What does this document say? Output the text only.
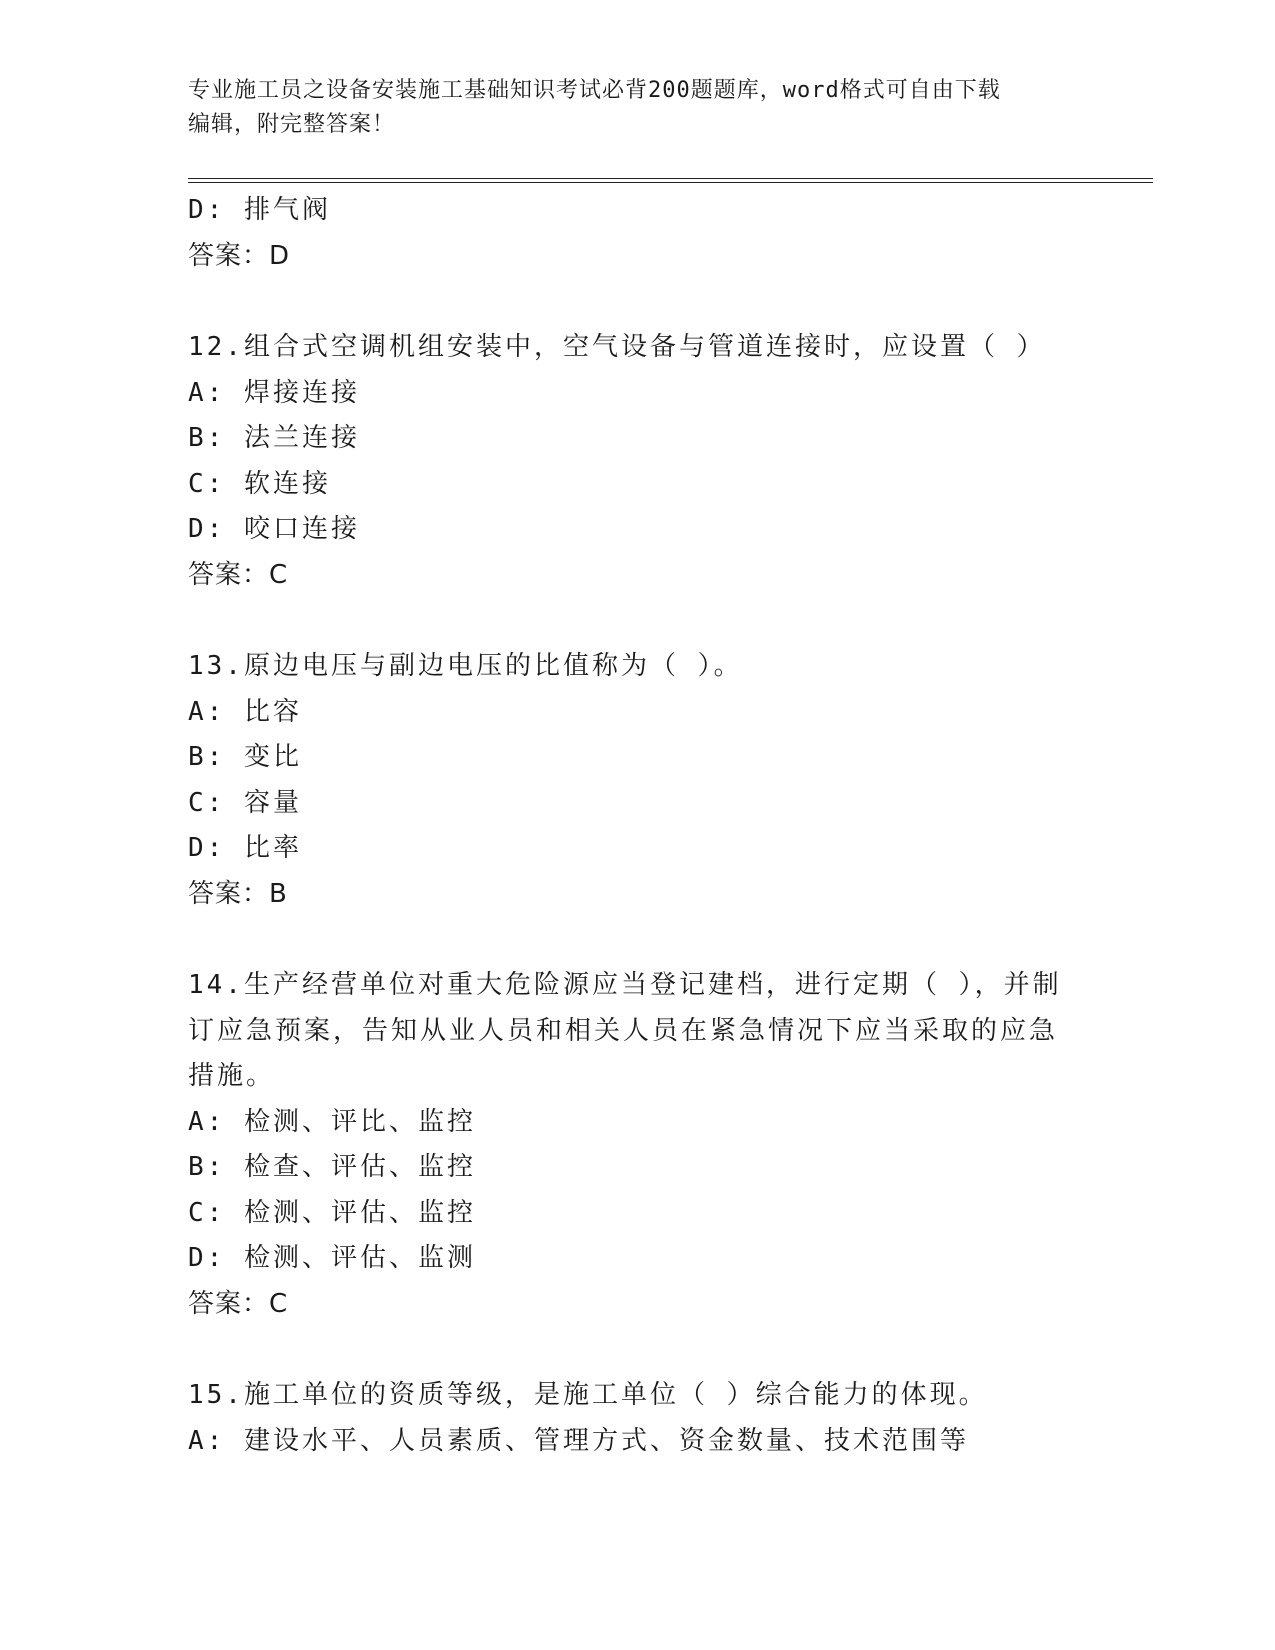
专业施工员之设备安装施工基础知识考试必背200题题库，word格式可自由下载
编辑，附完整答案！
D: 排气阀
答案：D
12.组合式空调机组安装中，空气设备与管道连接时，应设置（ ）
A: 焊接连接
B: 法兰连接
C: 软连接
D: 咬口连接
答案：C
13.原边电压与副边电压的比值称为（ ）。
A: 比容
B: 变比
C: 容量
D: 比率
答案：B
14.生产经营单位对重大危险源应当登记建档，进行定期（ ），并制
订应急预案，告知从业人员和相关人员在紧急情况下应当采取的应急
措施。
A: 检测、评比、监控
B: 检查、评估、监控
C: 检测、评估、监控
D: 检测、评估、监测
答案：C
15.施工单位的资质等级，是施工单位（ ）综合能力的体现。
A: 建设水平、人员素质、管理方式、资金数量、技术范围等
